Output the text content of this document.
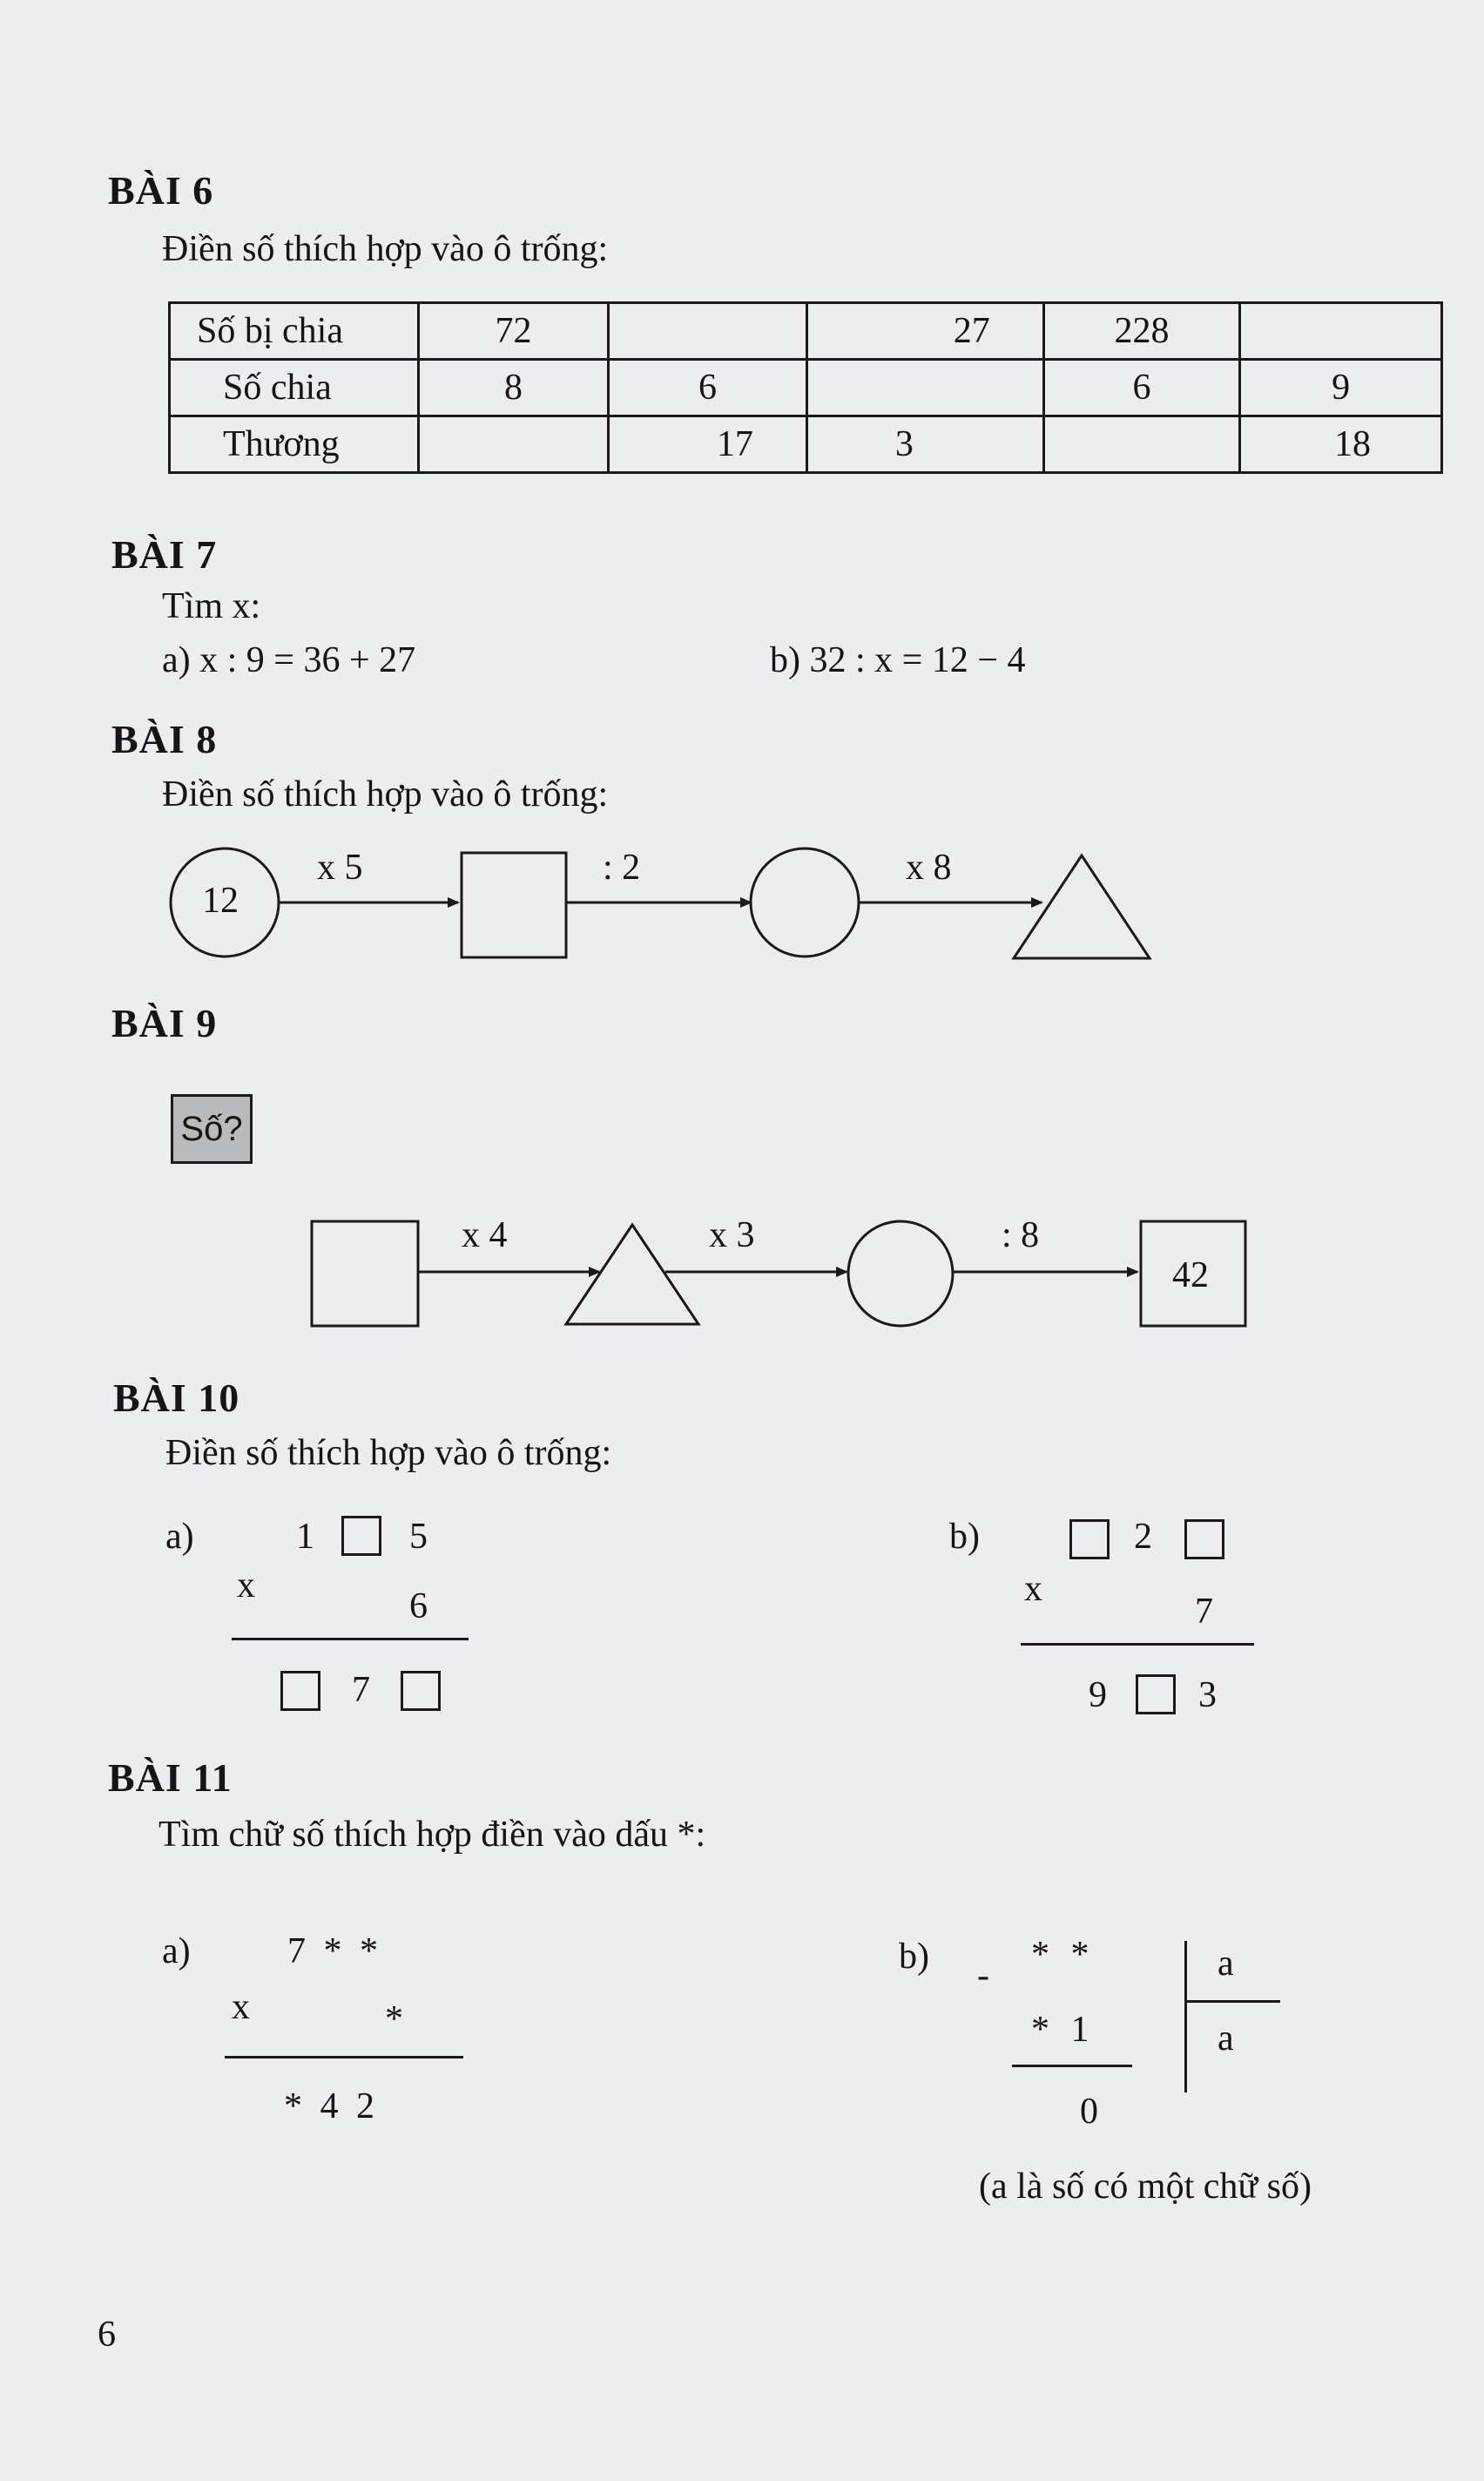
BÀI 6
Điền số thích hợp vào ô trống:
Số bị chia	72		27	228	
Số chia	8	6		6	9
Thương		17	3		18
BÀI 7
Tìm x:
a) x : 9 = 36 + 27	b) 32 : x = 12 − 4
BÀI 8
Điền số thích hợp vào ô trống:
12
x 5	: 2	x 8
BÀI 9
Số?
x 4	x 3	: 8
42
BÀI 10
Điền số thích hợp vào ô trống:
a)	1	5
x
6
7
b)	2
x
7
9	3
BÀI 11
Tìm chữ số thích hợp điền vào dấu *:
a)	7 * *
x	*
* 4 2
b) -
* *	a
a
* 1
0
(a là số có một chữ số)
6
